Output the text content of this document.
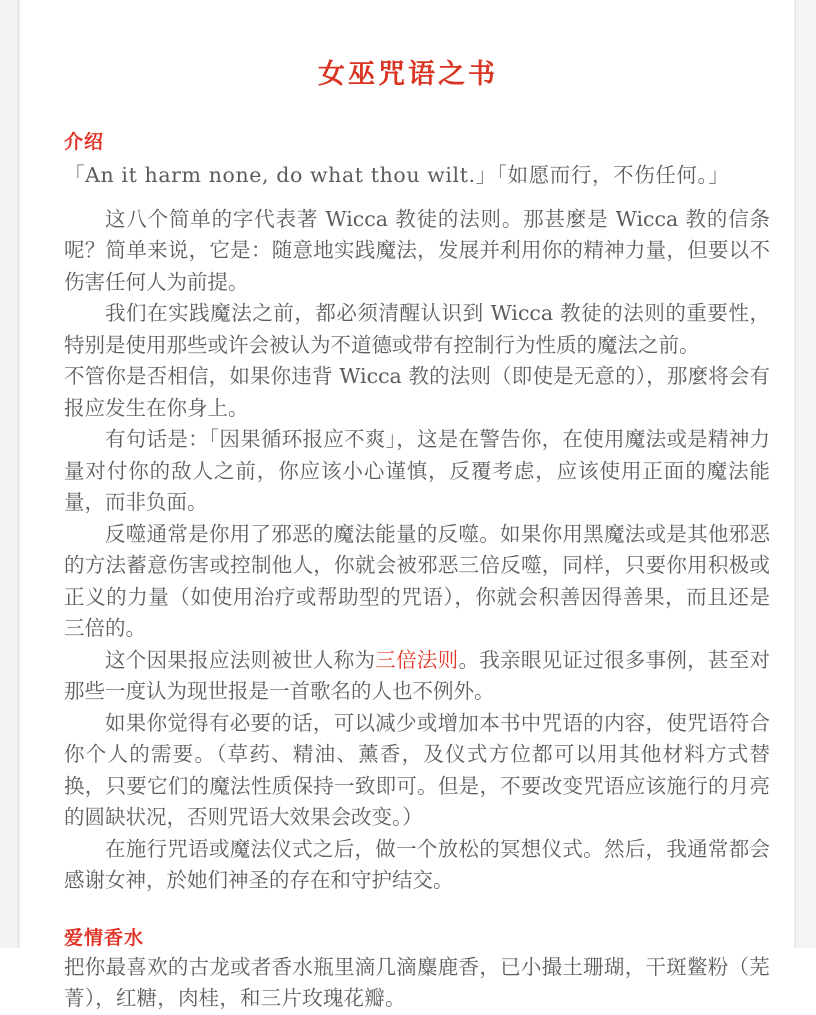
女巫咒语之书
介绍

「An it harm none, do what thou wilt.」「如愿而行，不伤任何。」

这八个简单的字代表著 Wicca 教徒的法则。那甚麼是 Wicca 教的信条呢？简单来说，它是：随意地实践魔法，发展并利用你的精神力量，但要以不伤害任何人为前提。

我们在实践魔法之前，都必须清醒认识到 Wicca 教徒的法则的重要性，特别是使用那些或许会被认为不道德或带有控制行为性质的魔法之前。

不管你是否相信，如果你违背 Wicca 教的法则（即使是无意的），那麼将会有报应发生在你身上。

有句话是：「因果循环报应不爽」，这是在警告你，在使用魔法或是精神力量对付你的敌人之前，你应该小心谨慎，反覆考虑，应该使用正面的魔法能量，而非负面。

反噬通常是你用了邪恶的魔法能量的反噬。如果你用黑魔法或是其他邪恶的方法蓄意伤害或控制他人，你就会被邪恶三倍反噬，同样，只要你用积极或正义的力量（如使用治疗或帮助型的咒语），你就会积善因得善果，而且还是三倍的。

这个因果报应法则被世人称为三倍法则。我亲眼见证过很多事例，甚至对那些一度认为现世报是一首歌名的人也不例外。

如果你觉得有必要的话，可以减少或增加本书中咒语的内容，使咒语符合你个人的需要。（草药、精油、薰香，及仪式方位都可以用其他材料方式替换，只要它们的魔法性质保持一致即可。但是，不要改变咒语应该施行的月亮的圆缺状况，否则咒语大效果会改变。）

在施行咒语或魔法仪式之后，做一个放松的冥想仪式。然后，我通常都会感谢女神，於她们神圣的存在和守护结交。

爱情香水

把你最喜欢的古龙或者香水瓶里滴几滴麋鹿香，已小撮土珊瑚，干斑鳖粉（芜菁），红糖，肉桂，和三片玫瑰花瓣。
